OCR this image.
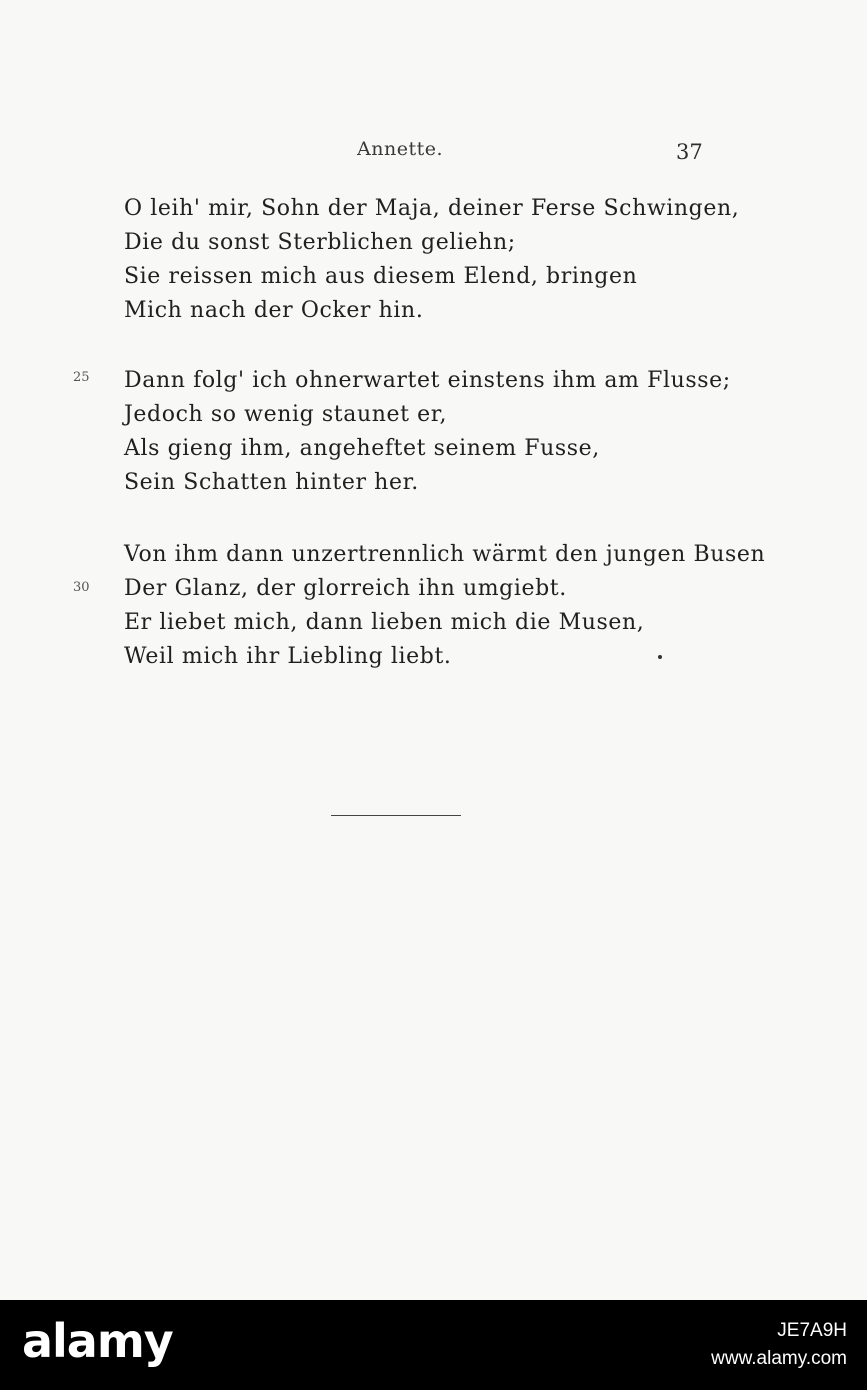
Annette.	37
O leih' mir, Sohn der Maja, deiner Ferse Schwingen,
Die du sonst Sterblichen geliehn;
Sie reissen mich aus diesem Elend, bringen
Mich nach der Ocker hin.
25 Dann folg' ich ohnerwartet einstens ihm am Flusse;
Jedoch so wenig staunet er,
Als gieng ihm, angeheftet seinem Fusse,
Sein Schatten hinter her.
Von ihm dann unzertrennlich wärmt den jungen Busen
30 Der Glanz, der glorreich ihn umgiebt.
Er liebet mich, dann lieben mich die Musen,
Weil mich ihr Liebling liebt.
alamy	JE7A9H
www.alamy.com
